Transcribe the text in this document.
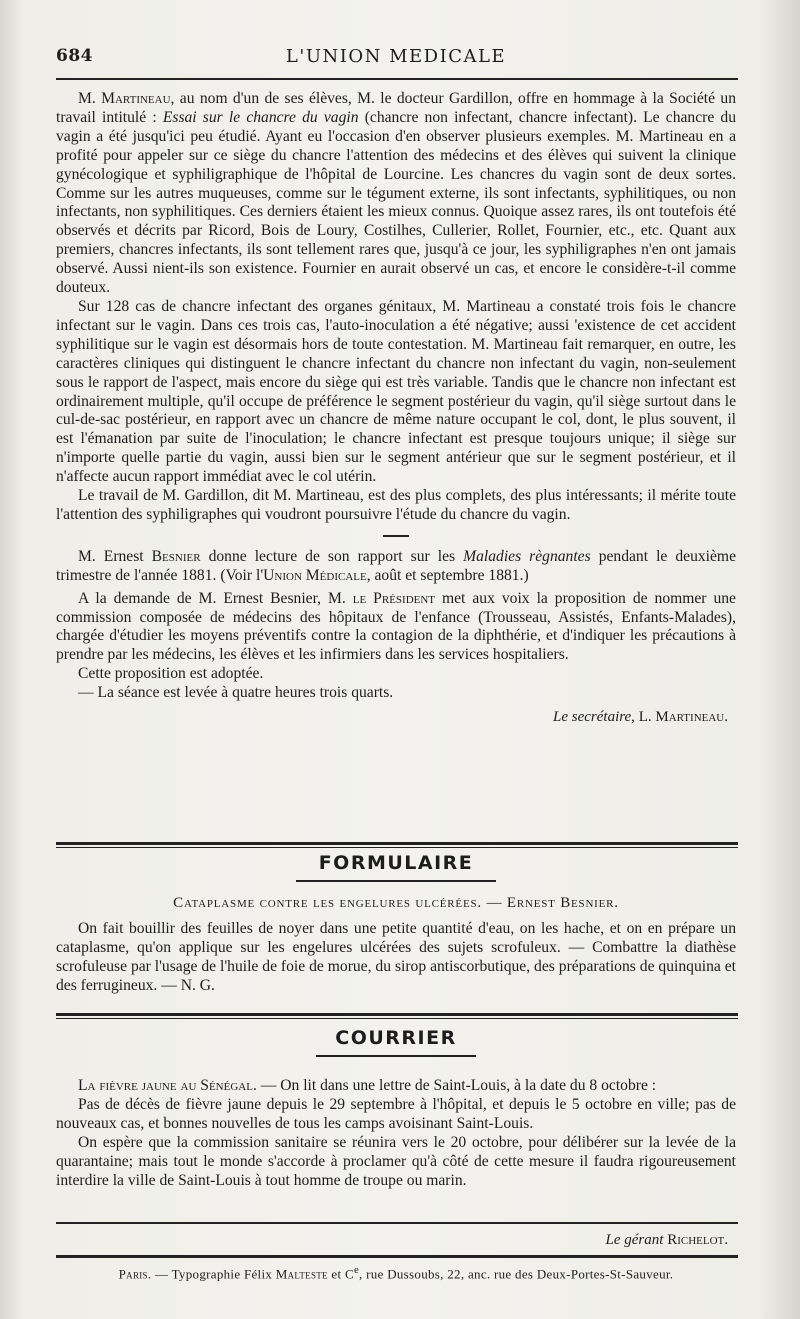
684	L'UNION MEDICALE

M. Martineau, au nom d'un de ses élèves, M. le docteur Gardillon, offre en hommage à la Société un travail intitulé : Essai sur le chancre du vagin (chancre non infectant, chancre infectant). Le chancre du vagin a été jusqu'ici peu étudié. Ayant eu l'occasion d'en observer plusieurs exemples. M. Martineau en a profité pour appeler sur ce siège du chancre l'attention des médecins et des élèves qui suivent la clinique gynécologique et syphiligraphique de l'hôpital de Lourcine. Les chancres du vagin sont de deux sortes. Comme sur les autres muqueuses, comme sur le tégument externe, ils sont infectants, syphilitiques, ou non infectants, non syphilitiques. Ces derniers étaient les mieux connus. Quoique assez rares, ils ont toutefois été observés et décrits par Ricord, Bois de Loury, Costilhes, Cullerier, Rollet, Fournier, etc., etc. Quant aux premiers, chancres infectants, ils sont tellement rares que, jusqu'à ce jour, les syphiligraphes n'en ont jamais observé. Aussi nient-ils son existence. Fournier en aurait observé un cas, et encore le considère-t-il comme douteux.

Sur 128 cas de chancre infectant des organes génitaux, M. Martineau a constaté trois fois le chancre infectant sur le vagin. Dans ces trois cas, l'auto-inoculation a été négative; aussi 'existence de cet accident syphilitique sur le vagin est désormais hors de toute contestation. M. Martineau fait remarquer, en outre, les caractères cliniques qui distinguent le chancre infectant du chancre non infectant du vagin, non-seulement sous le rapport de l'aspect, mais encore du siège qui est très variable. Tandis que le chancre non infectant est ordinairement multiple, qu'il occupe de préférence le segment postérieur du vagin, qu'il siège surtout dans le cul-de-sac postérieur, en rapport avec un chancre de même nature occupant le col, dont, le plus souvent, il est l'émanation par suite de l'inoculation; le chancre infectant est presque toujours unique; il siège sur n'importe quelle partie du vagin, aussi bien sur le segment antérieur que sur le segment postérieur, et il n'affecte aucun rapport immédiat avec le col utérin.

Le travail de M. Gardillon, dit M. Martineau, est des plus complets, des plus intéressants; il mérite toute l'attention des syphiligraphes qui voudront poursuivre l'étude du chancre du vagin.

M. Ernest Besnier donne lecture de son rapport sur les Maladies règnantes pendant le deuxième trimestre de l'année 1881. (Voir l'Union Médicale, août et septembre 1881.)

A la demande de M. Ernest Besnier, M. le Président met aux voix la proposition de nommer une commission composée de médecins des hôpitaux de l'enfance (Trousseau, Assistés, Enfants-Malades), chargée d'étudier les moyens préventifs contre la contagion de la diphthérie, et d'indiquer les précautions à prendre par les médecins, les élèves et les infirmiers dans les services hospitaliers.

Cette proposition est adoptée.

— La séance est levée à quatre heures trois quarts.

Le secrétaire, L. Martineau.

FORMULAIRE
Cataplasme contre les engelures ulcérées. — Ernest Besnier.

On fait bouillir des feuilles de noyer dans une petite quantité d'eau, on les hache, et on en prépare un cataplasme, qu'on applique sur les engelures ulcérées des sujets scrofuleux. — Combattre la diathèse scrofuleuse par l'usage de l'huile de foie de morue, du sirop antiscorbutique, des préparations de quinquina et des ferrugineux. — N. G.

COURRIER

La fièvre jaune au Sénégal. — On lit dans une lettre de Saint-Louis, à la date du 8 octobre :

Pas de décès de fièvre jaune depuis le 29 septembre à l'hôpital, et depuis le 5 octobre en ville; pas de nouveaux cas, et bonnes nouvelles de tous les camps avoisinant Saint-Louis.

On espère que la commission sanitaire se réunira vers le 20 octobre, pour délibérer sur la levée de la quarantaine; mais tout le monde s'accorde à proclamer qu'à côté de cette mesure il faudra rigoureusement interdire la ville de Saint-Louis à tout homme de troupe ou marin.

Le gérant Richelot.

Paris. — Typographie Félix Malteste et Ce, rue Dussoubs, 22, anc. rue des Deux-Portes-St-Sauveur.
